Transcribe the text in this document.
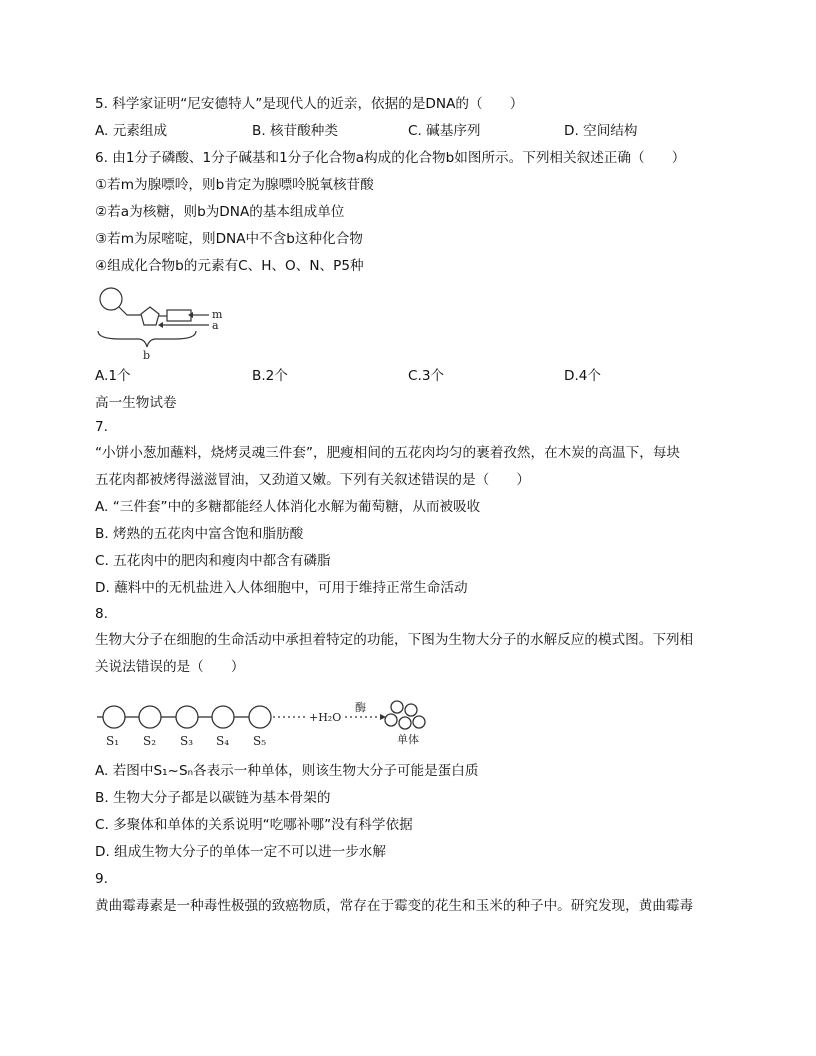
5. 科学家证明“尼安德特人”是现代人的近亲，依据的是DNA的（　　）
A. 元素组成	B. 核苷酸种类	C. 碱基序列	D. 空间结构
6. 由1分子磷酸、1分子碱基和1分子化合物a构成的化合物b如图所示。下列相关叙述正确（　　）
①若m为腺嘌呤，则b肯定为腺嘌呤脱氧核苷酸
②若a为核糖，则b为DNA的基本组成单位
③若m为尿嘧啶，则DNA中不含b这种化合物
④组成化合物b的元素有C、H、O、N、P5种
m
a
b
A.1个	B.2个	C.3个	D.4个
高一生物试卷
7.
“小饼小葱加蘸料，烧烤灵魂三件套”，肥瘦相间的五花肉均匀的裹着孜然，在木炭的高温下，每块
五花肉都被烤得滋滋冒油，又劲道又嫩。下列有关叙述错误的是（　　）
A. “三件套”中的多糖都能经人体消化水解为葡萄糖，从而被吸收
B. 烤熟的五花肉中富含饱和脂肪酸
C. 五花肉中的肥肉和瘦肉中都含有磷脂
D. 蘸料中的无机盐进入人体细胞中，可用于维持正常生命活动
8.
生物大分子在细胞的生命活动中承担着特定的功能，下图为生物大分子的水解反应的模式图。下列相
关说法错误的是（　　）
+H₂O
酶
单体
S₁ S₂ S₃ S₄ S₅
A. 若图中S₁~Sₙ各表示一种单体，则该生物大分子可能是蛋白质
B. 生物大分子都是以碳链为基本骨架的
C. 多聚体和单体的关系说明“吃哪补哪”没有科学依据
D. 组成生物大分子的单体一定不可以进一步水解
9.
黄曲霉毒素是一种毒性极强的致癌物质，常存在于霉变的花生和玉米的种子中。研究发现，黄曲霉毒
